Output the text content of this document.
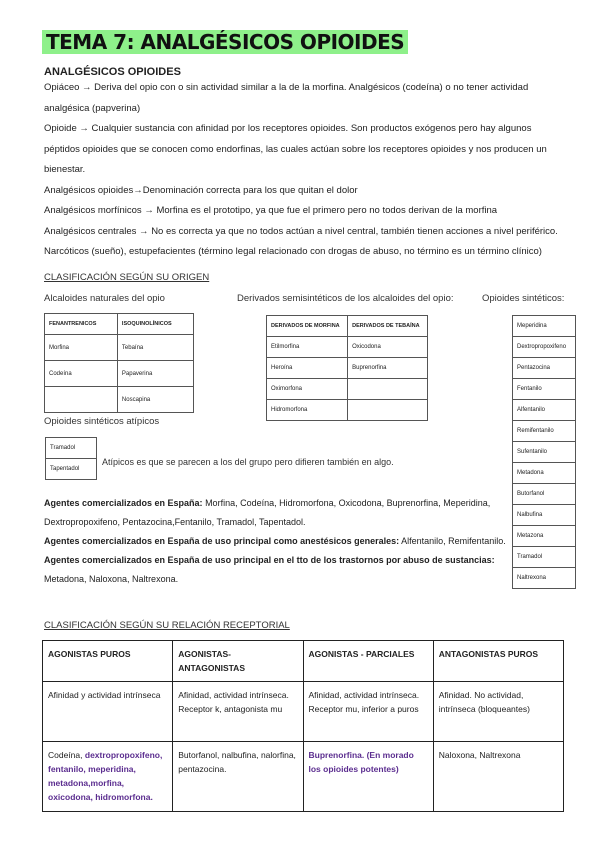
TEMA 7: ANALGÉSICOS OPIOIDES
ANALGÉSICOS OPIOIDES

Opiáceo → Deriva del opio con o sin actividad similar a la de la morfina. Analgésicos (codeína) o no tener actividad analgésica (papverina)

Opioide → Cualquier sustancia con afinidad por los receptores opioides. Son productos exógenos pero hay algunos péptidos opioides que se conocen como endorfinas, las cuales actúan sobre los receptores opioides y nos producen un bienestar.

Analgésicos opioides→Denominación correcta para los que quitan el dolor

Analgésicos morfínicos → Morfina es el prototipo, ya que fue el primero pero no todos derivan de la morfina

Analgésicos centrales → No es correcta ya que no todos actúan a nivel central, también tienen acciones a nivel periférico.

Narcóticos (sueño), estupefacientes (término legal relacionado con drogas de abuso, no término es un término clínico)

CLASIFICACIÓN SEGÚN SU ORIGEN
Alcaloides naturales del opio	Derivados semisintéticos de los alcaloides del opio:	Opioides sintéticos:
FENANTRENICOS	ISOQUINOLÍNICOS
Morfina	Tebaína
Codeína	Papaverina
	Noscapina
DERIVADOS DE MORFINA	DERIVADOS DE TEBAÍNA
Etilmorfina	Oxicodona
Heroína	Buprenorfina
Oximorfona	
Hidromorfona	
Meperidina
Dextropropoxifeno
Pentazocina
Fentanilo
Alfentanilo
Remifentanilo
Sufentanilo
Metadona
Butorfanol
Nalbufina
Metazona
Tramadol
Naltrexona
Opioides sintéticos atípicos
Tramadol
Tapentadol
Atípicos es que se parecen a los del grupo pero difieren también en algo.

Agentes comercializados en España: Morfina, Codeína, Hidromorfona, Oxicodona, Buprenorfina, Meperidina, Dextropropoxifeno, Pentazocina,Fentanilo, Tramadol, Tapentadol.

Agentes comercializados en España de uso principal como anestésicos generales: Alfentanilo, Remifentanilo.

Agentes comercializados en España de uso principal en el tto de los trastornos por abuso de sustancias:

Metadona, Naloxona, Naltrexona.

CLASIFICACIÓN SEGÚN SU RELACIÓN RECEPTORIAL
AGONISTAS PUROS	AGONISTAS-ANTAGONISTAS	AGONISTAS - PARCIALES	ANTAGONISTAS PUROS
Afinidad y actividad intrínseca	Afinidad, actividad intrínseca. Receptor k, antagonista mu	Afinidad, actividad intrínseca. Receptor mu, inferior a puros	Afinidad. No actividad, intrínseca (bloqueantes)
Codeína, dextropropoxifeno, fentanilo, meperidina, metadona,morfina, oxicodona, hidromorfona.	Butorfanol, nalbufina, nalorfina, pentazocina.	Buprenorfina. (En morado los opioides potentes)	Naloxona, Naltrexona
